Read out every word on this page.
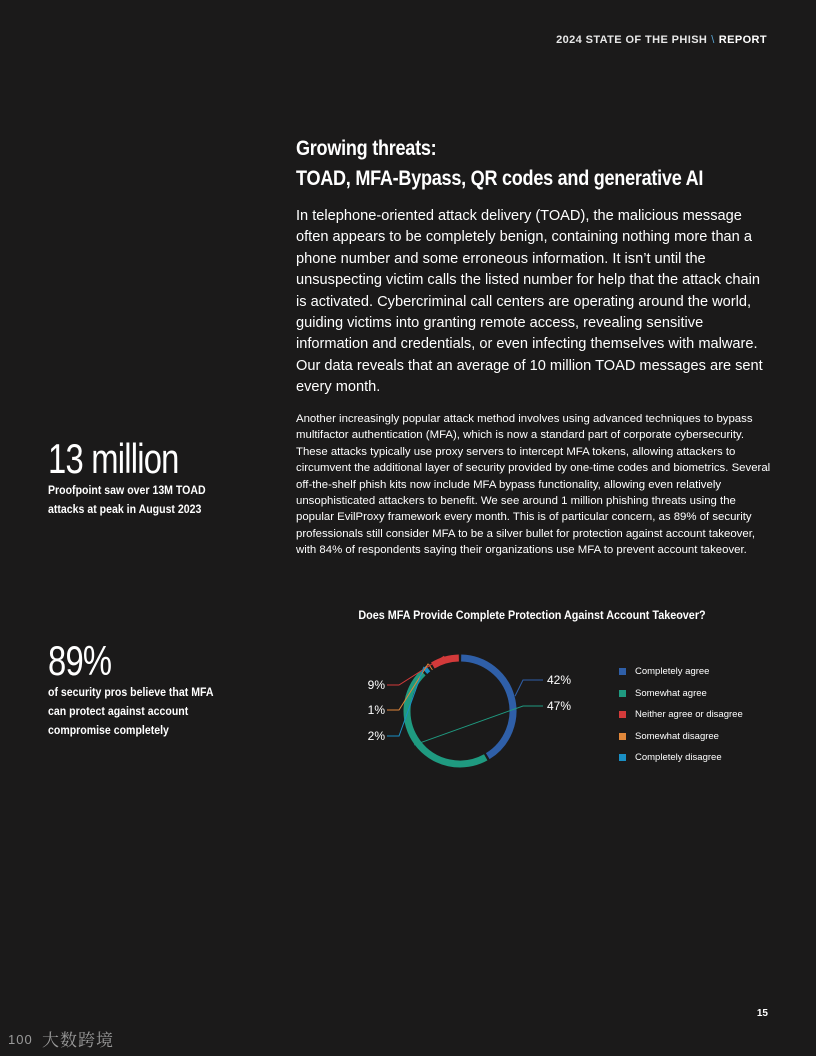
2024 STATE OF THE PHISH \ REPORT
Growing threats:
TOAD, MFA-Bypass, QR codes and generative AI
In telephone-oriented attack delivery (TOAD), the malicious message often appears to be completely benign, containing nothing more than a phone number and some erroneous information. It isn’t until the unsuspecting victim calls the listed number for help that the attack chain is activated. Cybercriminal call centers are operating around the world, guiding victims into granting remote access, revealing sensitive information and credentials, or even infecting themselves with malware. Our data reveals that an average of 10 million TOAD messages are sent every month.
Another increasingly popular attack method involves using advanced techniques to bypass multifactor authentication (MFA), which is now a standard part of corporate cybersecurity. These attacks typically use proxy servers to intercept MFA tokens, allowing attackers to circumvent the additional layer of security provided by one-time codes and biometrics. Several off-the-shelf phish kits now include MFA bypass functionality, allowing even relatively unsophisticated attackers to benefit. We see around 1 million phishing threats using the popular EvilProxy framework every month. This is of particular concern, as 89% of security professionals still consider MFA to be a silver bullet for protection against account takeover, with 84% of respondents saying their organizations use MFA to prevent account takeover.
13 million
Proofpoint saw over 13M TOAD attacks at peak in August 2023
89%
of security pros believe that MFA can protect against account compromise completely
Does MFA Provide Complete Protection Against Account Takeover?
42%
47%
9%
1%
2%
Completely agree
Somewhat agree
Neither agree or disagree
Somewhat disagree
Completely disagree
15
100 大数跨境
